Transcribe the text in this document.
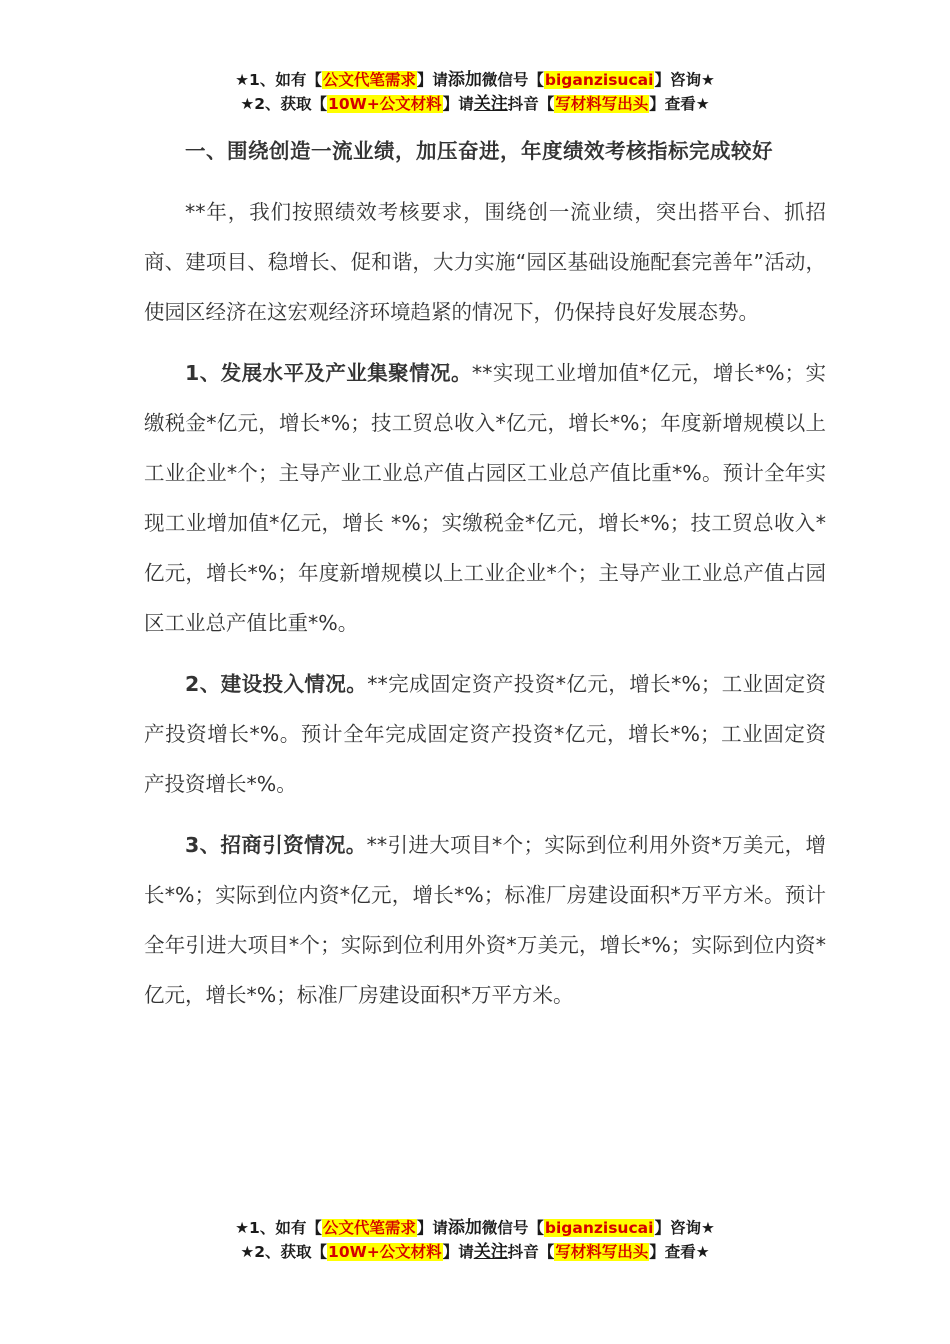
★1、如有【公文代笔需求】请添加微信号【biganzisucai】咨询★
★2、获取【10W+公文材料】请关注抖音【写材料写出头】查看★
一、围绕创造一流业绩，加压奋进，年度绩效考核指标完成较好
**年，我们按照绩效考核要求，围绕创一流业绩，突出搭平台、抓招商、建项目、稳增长、促和谐，大力实施“园区基础设施配套完善年”活动，使园区经济在这宏观经济环境趋紧的情况下，仍保持良好发展态势。
1、发展水平及产业集聚情况。**实现工业增加值*亿元，增长*%；实缴税金*亿元，增长*%；技工贸总收入*亿元，增长*%；年度新增规模以上工业企业*个；主导产业工业总产值占园区工业总产值比重*%。预计全年实现工业增加值*亿元，增长 *%；实缴税金*亿元，增长*%；技工贸总收入*亿元，增长*%；年度新增规模以上工业企业*个；主导产业工业总产值占园区工业总产值比重*%。
2、建设投入情况。**完成固定资产投资*亿元，增长*%；工业固定资产投资增长*%。预计全年完成固定资产投资*亿元，增长*%；工业固定资产投资增长*%。
3、招商引资情况。**引进大项目*个；实际到位利用外资*万美元，增长*%；实际到位内资*亿元，增长*%；标准厂房建设面积*万平方米。预计全年引进大项目*个；实际到位利用外资*万美元，增长*%；实际到位内资*亿元，增长*%；标准厂房建设面积*万平方米。
★1、如有【公文代笔需求】请添加微信号【biganzisucai】咨询★
★2、获取【10W+公文材料】请关注抖音【写材料写出头】查看★
